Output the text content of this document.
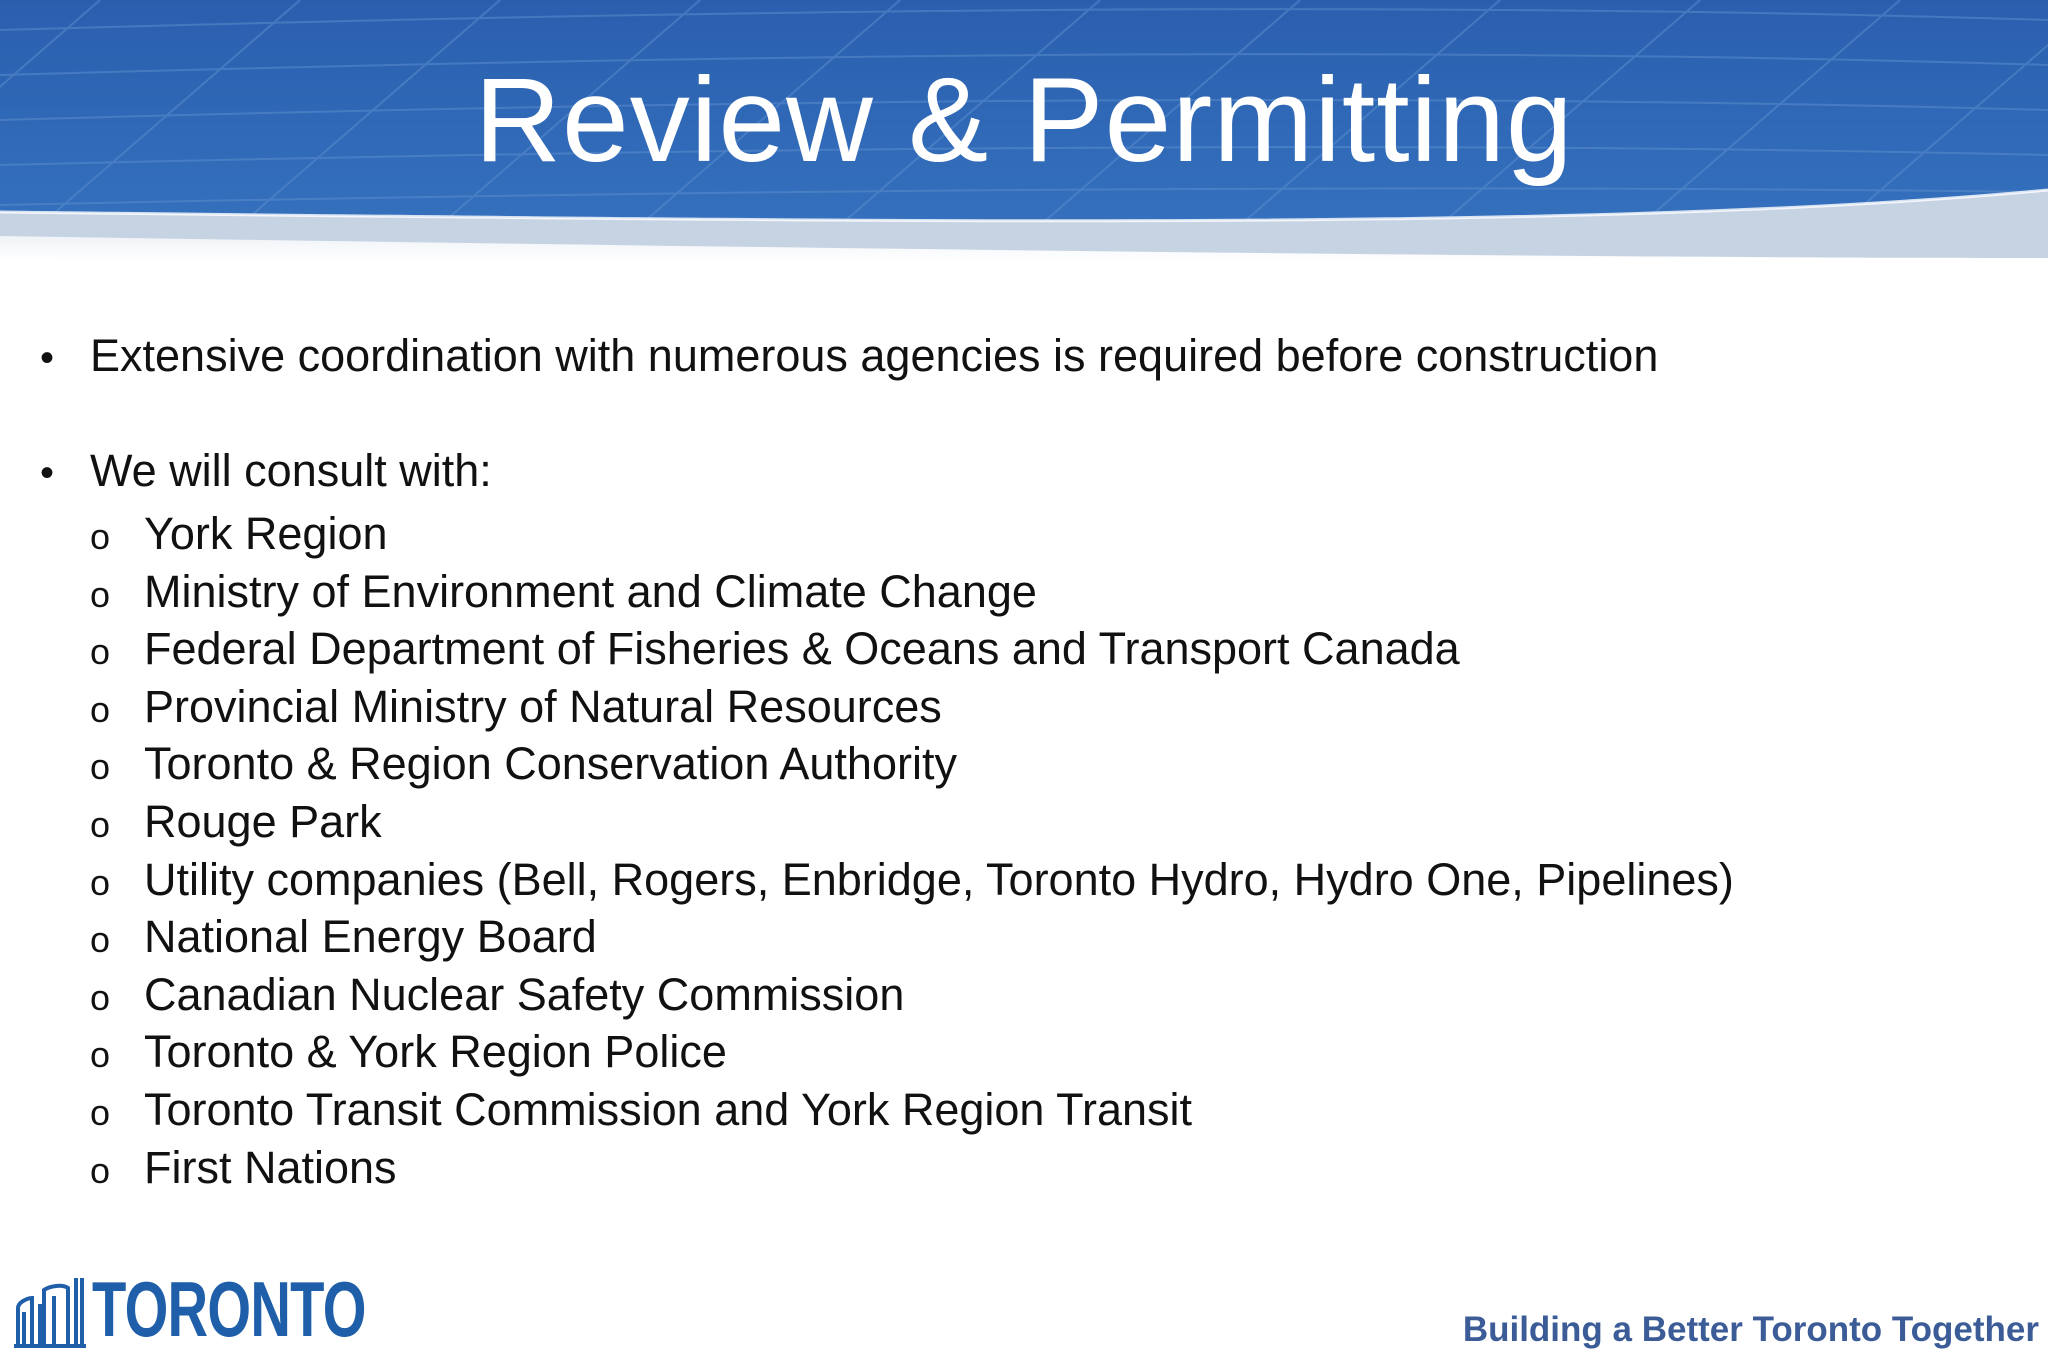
Review & Permitting
• Extensive coordination with numerous agencies is required before construction
• We will consult with:
o York Region
o Ministry of Environment and Climate Change
o Federal Department of Fisheries & Oceans and Transport Canada
o Provincial Ministry of Natural Resources
o Toronto & Region Conservation Authority
o Rouge Park
o Utility companies (Bell, Rogers, Enbridge, Toronto Hydro, Hydro One, Pipelines)
o National Energy Board
o Canadian Nuclear Safety Commission
o Toronto & York Region Police
o Toronto Transit Commission and York Region Transit
o First Nations
TORONTO	Building a Better Toronto Together
